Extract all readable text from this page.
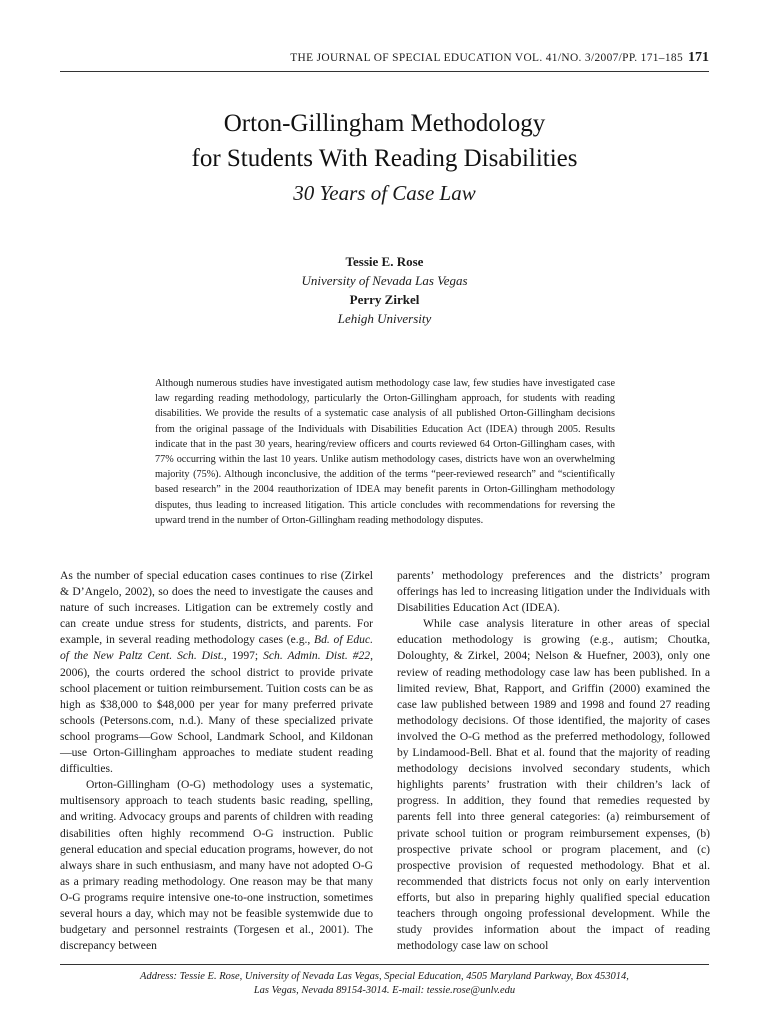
THE JOURNAL OF SPECIAL EDUCATION VOL. 41/NO. 3/2007/PP. 171–185 171
Orton-Gillingham Methodology
for Students With Reading Disabilities
30 Years of Case Law
Tessie E. Rose
University of Nevada Las Vegas
Perry Zirkel
Lehigh University
Although numerous studies have investigated autism methodology case law, few studies have investigated case law regarding reading methodology, particularly the Orton-Gillingham approach, for students with reading disabilities. We provide the results of a systematic case analysis of all published Orton-Gillingham decisions from the original passage of the Individuals with Disabilities Education Act (IDEA) through 2005. Results indicate that in the past 30 years, hearing/review officers and courts reviewed 64 Orton-Gillingham cases, with 77% occurring within the last 10 years. Unlike autism methodology cases, districts have won an overwhelming majority (75%). Although inconclusive, the addition of the terms “peer-reviewed research” and “scientifically based research” in the 2004 reauthorization of IDEA may benefit parents in Orton-Gillingham methodology disputes, thus leading to increased litigation. This article concludes with recommendations for reversing the upward trend in the number of Orton-Gillingham reading methodology disputes.

As the number of special education cases continues to rise (Zirkel & D’Angelo, 2002), so does the need to investigate the causes and nature of such increases. Litigation can be extremely costly and can create undue stress for students, districts, and parents. For example, in several reading methodology cases (e.g., Bd. of Educ. of the New Paltz Cent. Sch. Dist., 1997; Sch. Admin. Dist. #22, 2006), the courts ordered the school district to provide private school placement or tuition reimbursement. Tuition costs can be as high as $38,000 to $48,000 per year for many preferred private schools (Petersons.com, n.d.). Many of these specialized private school programs—Gow School, Landmark School, and Kildonan—use Orton-Gillingham approaches to mediate student reading difficulties.

Orton-Gillingham (O-G) methodology uses a systematic, multisensory approach to teach students basic reading, spelling, and writing. Advocacy groups and parents of children with reading disabilities often highly recommend O-G instruction. Public general education and special education programs, however, do not always share in such enthusiasm, and many have not adopted O-G as a primary reading methodology. One reason may be that many O-G programs require intensive one-to-one instruction, sometimes several hours a day, which may not be feasible systemwide due to budgetary and personnel restraints (Torgesen et al., 2001). The discrepancy between

parents’ methodology preferences and the districts’ program offerings has led to increasing litigation under the Individuals with Disabilities Education Act (IDEA).

While case analysis literature in other areas of special education methodology is growing (e.g., autism; Choutka, Doloughty, & Zirkel, 2004; Nelson & Huefner, 2003), only one review of reading methodology case law has been published. In a limited review, Bhat, Rapport, and Griffin (2000) examined the case law published between 1989 and 1998 and found 27 reading methodology decisions. Of those identified, the majority of cases involved the O-G method as the preferred methodology, followed by Lindamood-Bell. Bhat et al. found that the majority of reading methodology decisions involved secondary students, which highlights parents’ frustration with their children’s lack of progress. In addition, they found that remedies requested by parents fell into three general categories: (a) reimbursement of private school tuition or program reimbursement expenses, (b) prospective private school or program placement, and (c) prospective provision of requested methodology. Bhat et al. recommended that districts focus not only on early intervention efforts, but also in preparing highly qualified special education teachers through ongoing professional development. While the study provides information about the impact of reading methodology case law on school

Address: Tessie E. Rose, University of Nevada Las Vegas, Special Education, 4505 Maryland Parkway, Box 453014,
Las Vegas, Nevada 89154-3014. E-mail: tessie.rose@unlv.edu
